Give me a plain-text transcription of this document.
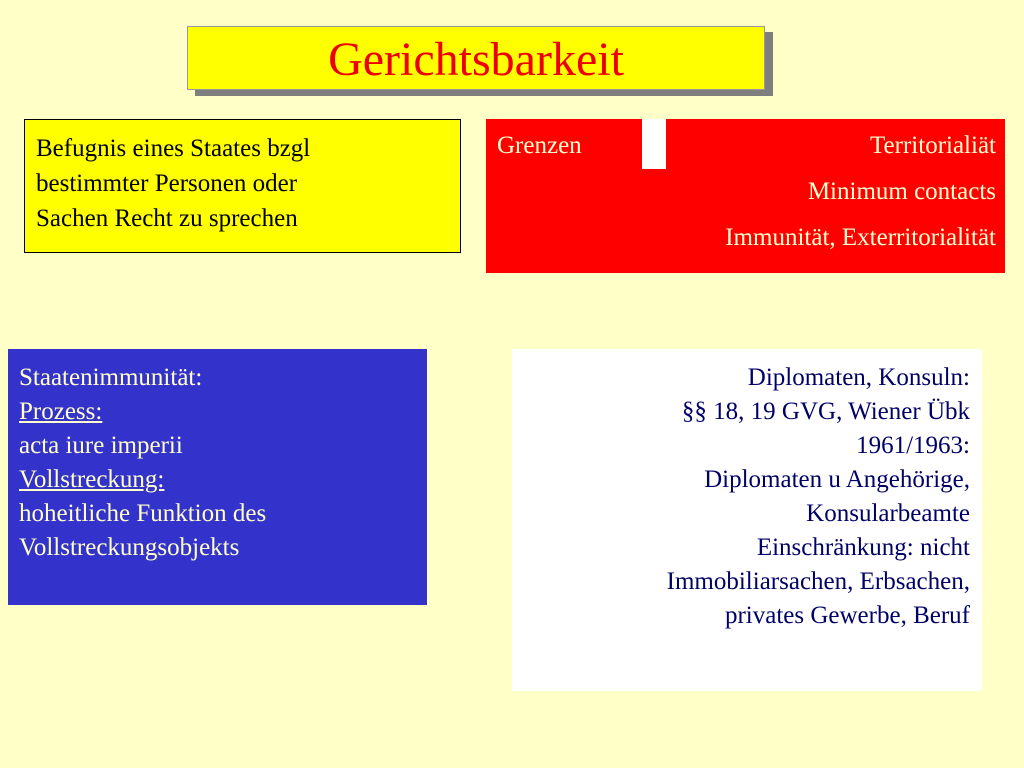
Gerichtsbarkeit
Befugnis eines Staates bzgl
bestimmter Personen oder
Sachen Recht zu sprechen
Grenzen	Territorialiät
Minimum contacts
Immunität, Exterritorialität
Staatenimmunität:
Prozess:
acta iure imperii
Vollstreckung:
hoheitliche Funktion des
Vollstreckungsobjekts
Diplomaten, Konsuln:
§§ 18, 19 GVG, Wiener Übk
1961/1963:
Diplomaten u Angehörige,
Konsularbeamte
Einschränkung: nicht
Immobiliarsachen, Erbsachen,
privates Gewerbe, Beruf
